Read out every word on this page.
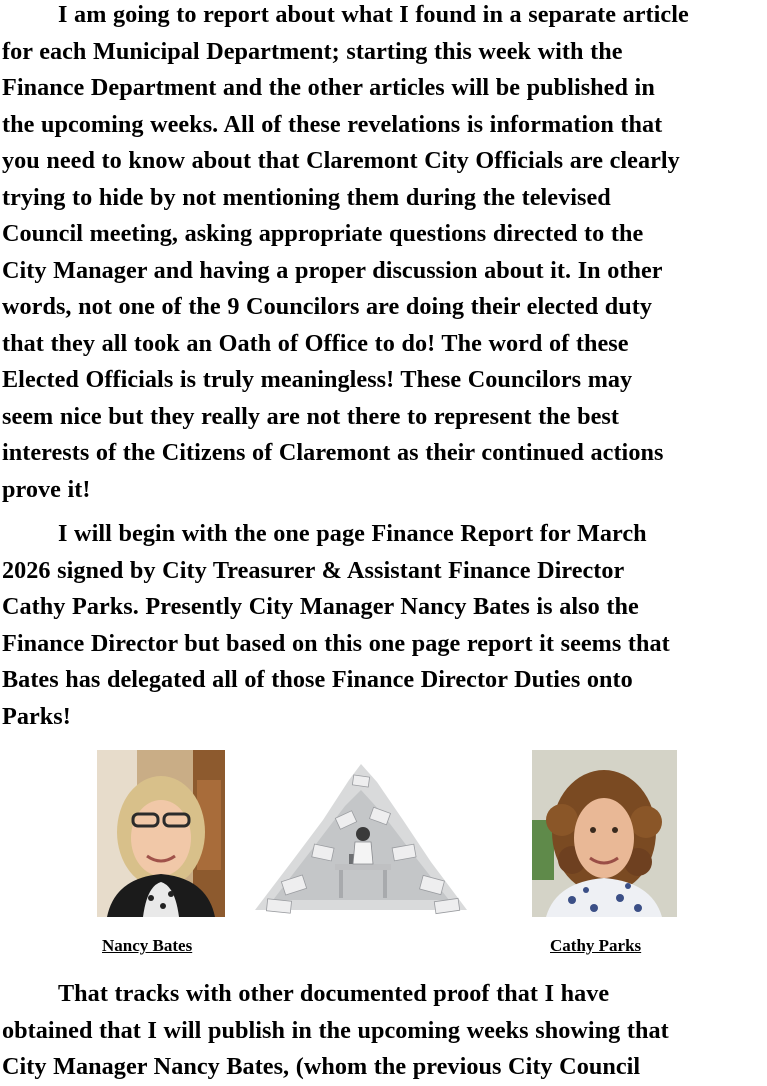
I am going to report about what I found in a separate article
for each Municipal Department; starting this week with the
Finance Department and the other articles will be published in
the upcoming weeks. All of these revelations is information that
you need to know about that Claremont City Officials are clearly
trying to hide by not mentioning them during the televised
Council meeting, asking appropriate questions directed to the
City Manager and having a proper discussion about it. In other
words, not one of the 9 Councilors are doing their elected duty
that they all took an Oath of Office to do! The word of these
Elected Officials is truly meaningless! These Councilors may
seem nice but they really are not there to represent the best
interests of the Citizens of Claremont as their continued actions
prove it!

I will begin with the one page Finance Report for March
2026 signed by City Treasurer & Assistant Finance Director
Cathy Parks. Presently City Manager Nancy Bates is also the
Finance Director but based on this one page report it seems that
Bates has delegated all of those Finance Director Duties onto
Parks!

Nancy Bates	Cathy Parks

That tracks with other documented proof that I have
obtained that I will publish in the upcoming weeks showing that
City Manager Nancy Bates, (whom the previous City Council
